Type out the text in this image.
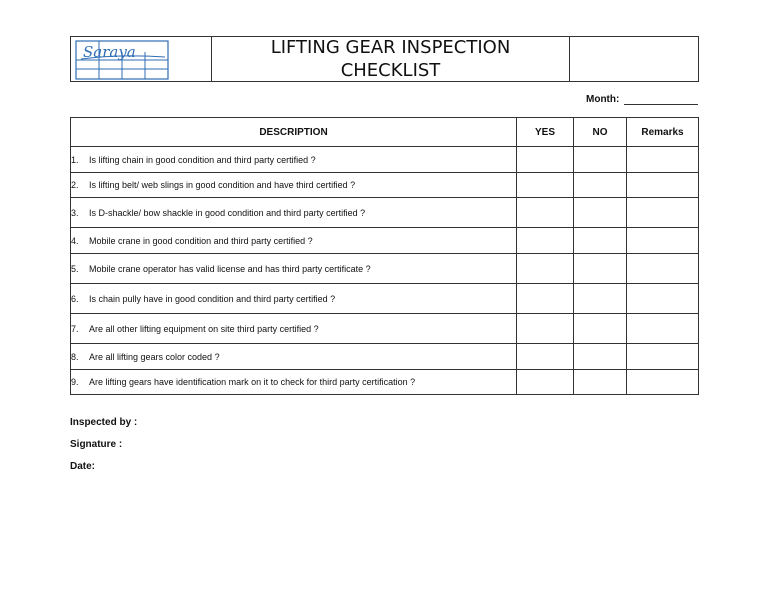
Saraya	LIFTING GEAR INSPECTION
CHECKLIST
Month:
DESCRIPTION	YES	NO	Remarks
1. Is lifting chain in good condition and third party certified ?			
2. Is lifting belt/ web slings in good condition and have third certified ?			
3. Is D-shackle/ bow shackle in good condition and third party certified ?			
4. Mobile crane in good condition and third party certified ?			
5. Mobile crane operator has valid license and has third party certificate ?			
6. Is chain pully have in good condition and third party certified ?			
7. Are all other lifting equipment on site third party certified ?			
8. Are all lifting gears color coded ?			
9. Are lifting gears have identification mark on it to check for third party certification ?			
Inspected by :
Signature :
Date:
